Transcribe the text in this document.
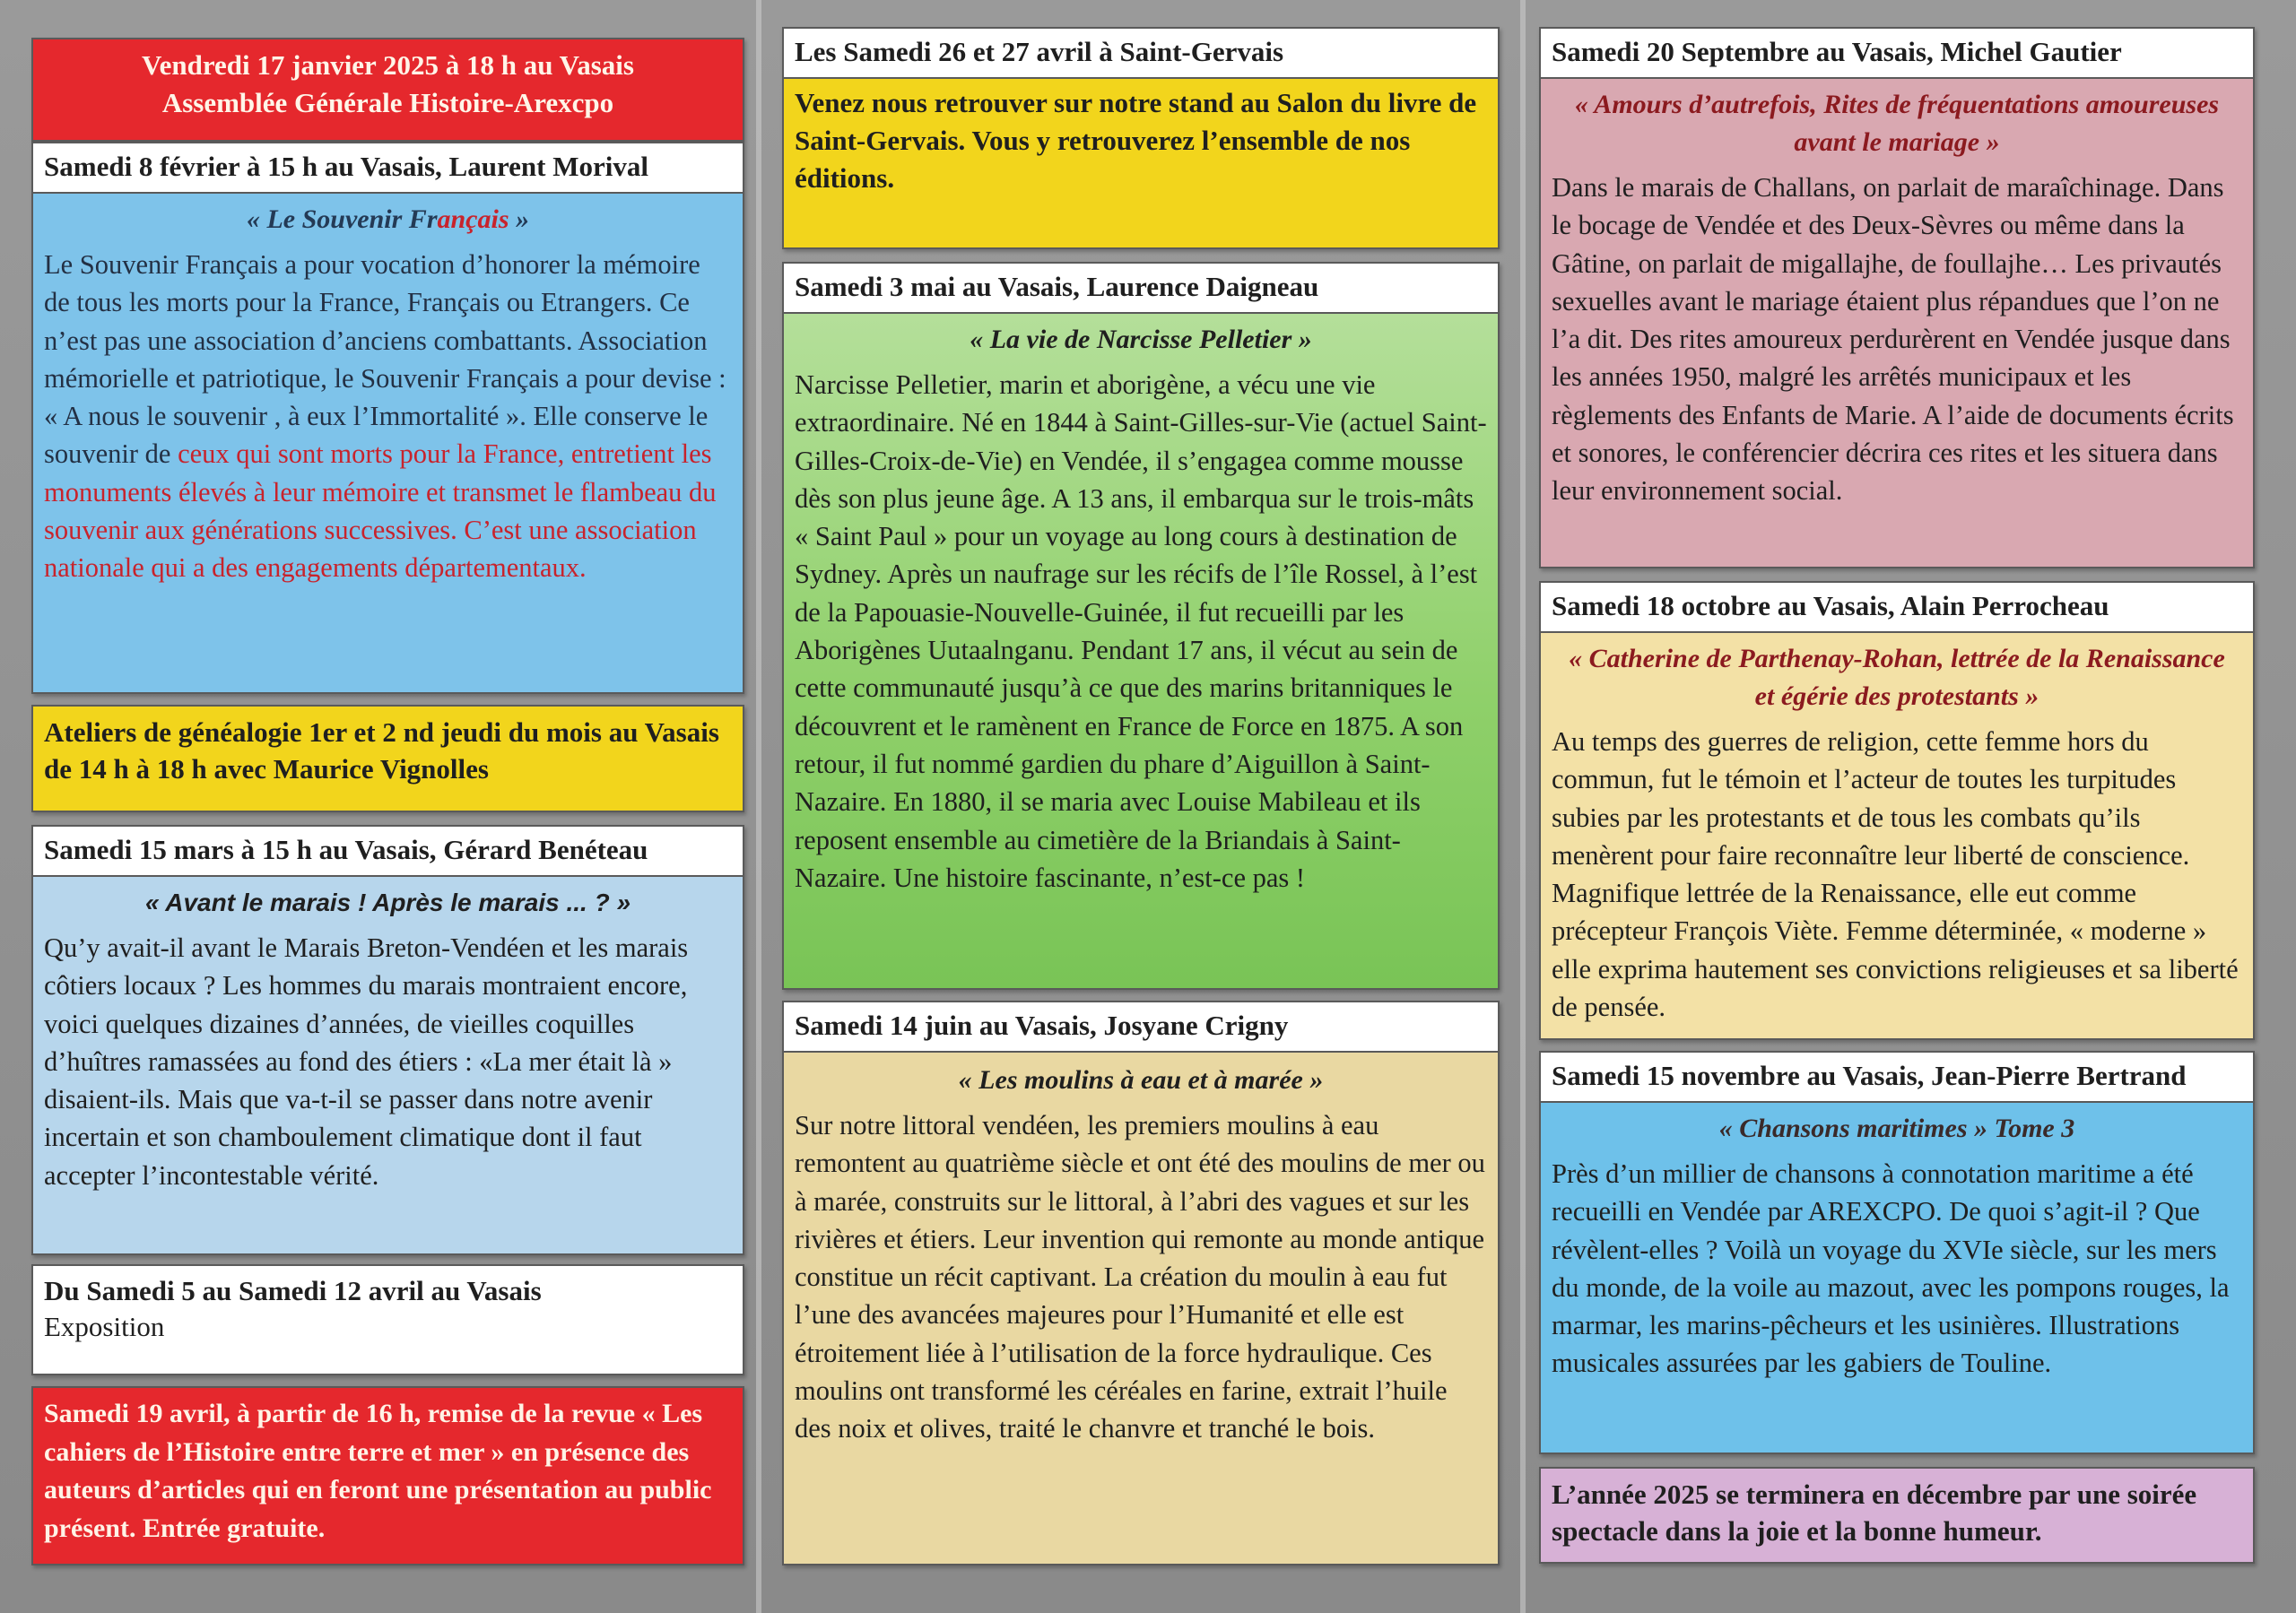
Vendredi 17 janvier 2025 à 18 h au Vasais
Assemblée Générale Histoire-Arexcpo
Samedi 8 février à 15 h au Vasais, Laurent Morival
« Le Souvenir Français »
Le Souvenir Français a pour vocation d’honorer la mémoire de tous les morts pour la France, Français ou Etrangers. Ce n’est pas une association d’anciens combattants. Association mémorielle et patriotique, le Souvenir Français a pour devise : « A nous le souvenir , à eux l’Immortalité ». Elle conserve le souvenir de ceux qui sont morts pour la France, entretient les monuments élevés à leur mémoire et transmet le flambeau du souvenir aux générations successives. C’est une association nationale qui a des engagements départementaux.
Ateliers de généalogie 1er et 2 nd jeudi du mois au Vasais de 14 h à 18 h avec Maurice Vignolles
Samedi 15 mars à 15 h au Vasais, Gérard Benéteau
« Avant le marais ! Après le marais ... ? »
Qu’y avait-il avant le Marais Breton-Vendéen et les marais côtiers locaux ? Les hommes du marais montraient encore, voici quelques dizaines d’années, de vieilles coquilles d’huîtres ramassées au fond des étiers : «La mer était là » disaient-ils. Mais que va-t-il se passer dans notre avenir incertain et son chamboulement climatique dont il faut accepter l’incontestable vérité.
Du Samedi 5 au Samedi 12 avril au Vasais
Exposition
Samedi 19 avril, à partir de 16 h, remise de la revue « Les cahiers de l’Histoire entre terre et mer » en présence des auteurs d’articles qui en feront une présentation au public présent. Entrée gratuite.
Les Samedi 26 et 27 avril à Saint-Gervais
Venez nous retrouver sur notre stand au Salon du livre de Saint-Gervais. Vous y retrouverez l’ensemble de nos éditions.
Samedi 3 mai au Vasais, Laurence Daigneau
« La vie de Narcisse Pelletier »
Narcisse Pelletier, marin et aborigène, a vécu une vie extraordinaire. Né en 1844 à Saint-Gilles-sur-Vie (actuel Saint-Gilles-Croix-de-Vie) en Vendée, il s’engagea comme mousse dès son plus jeune âge. A 13 ans, il embarqua sur le trois-mâts « Saint Paul » pour un voyage au long cours à destination de Sydney. Après un naufrage sur les récifs de l’île Rossel, à l’est de la Papouasie-Nouvelle-Guinée, il fut recueilli par les Aborigènes Uutaalnganu. Pendant 17 ans, il vécut au sein de cette communauté jusqu’à ce que des marins britanniques le découvrent et le ramènent en France de Force en 1875. A son retour, il fut nommé gardien du phare d’Aiguillon à Saint-Nazaire. En 1880, il se maria avec Louise Mabileau et ils reposent ensemble au cimetière de la Briandais à Saint-Nazaire. Une histoire fascinante, n’est-ce pas !
Samedi 14 juin au Vasais, Josyane Crigny
« Les moulins à eau et à marée »
Sur notre littoral vendéen, les premiers moulins à eau remontent au quatrième siècle et ont été des moulins de mer ou à marée, construits sur le littoral, à l’abri des vagues et sur les rivières et étiers. Leur invention qui remonte au monde antique constitue un récit captivant. La création du moulin à eau fut l’une des avancées majeures pour l’Humanité et elle est étroitement liée à l’utilisation de la force hydraulique. Ces moulins ont transformé les céréales en farine, extrait l’huile des noix et olives, traité le chanvre et tranché le bois.
Samedi 20 Septembre au Vasais, Michel Gautier
« Amours d’autrefois, Rites de fréquentations amoureuses avant le mariage »
Dans le marais de Challans, on parlait de maraîchinage. Dans le bocage de Vendée et des Deux-Sèvres ou même dans la Gâtine, on parlait de migallajhe, de foullajhe… Les privautés sexuelles avant le mariage étaient plus répandues que l’on ne l’a dit. Des rites amoureux perdurèrent en Vendée jusque dans les années 1950, malgré les arrêtés municipaux et les règlements des Enfants de Marie. A l’aide de documents écrits et sonores, le conférencier décrira ces rites et les situera dans leur environnement social.
Samedi 18 octobre au Vasais, Alain Perrocheau
« Catherine de Parthenay-Rohan, lettrée de la Renaissance et égérie des protestants »
Au temps des guerres de religion, cette femme hors du commun, fut le témoin et l’acteur de toutes les turpitudes subies par les protestants et de tous les combats qu’ils menèrent pour faire reconnaître leur liberté de conscience. Magnifique lettrée de la Renaissance, elle eut comme précepteur François Viète. Femme déterminée, « moderne » elle exprima hautement ses convictions religieuses et sa liberté de pensée.
Samedi 15 novembre au Vasais, Jean-Pierre Bertrand
« Chansons maritimes » Tome 3
Près d’un millier de chansons à connotation maritime a été recueilli en Vendée par AREXCPO. De quoi s’agit-il ? Que révèlent-elles ? Voilà un voyage du XVIe siècle, sur les mers du monde, de la voile au mazout, avec les pompons rouges, la marmar, les marins-pêcheurs et les usinières. Illustrations musicales assurées par les gabiers de Touline.
L’année 2025 se terminera en décembre par une soirée spectacle dans la joie et la bonne humeur.
